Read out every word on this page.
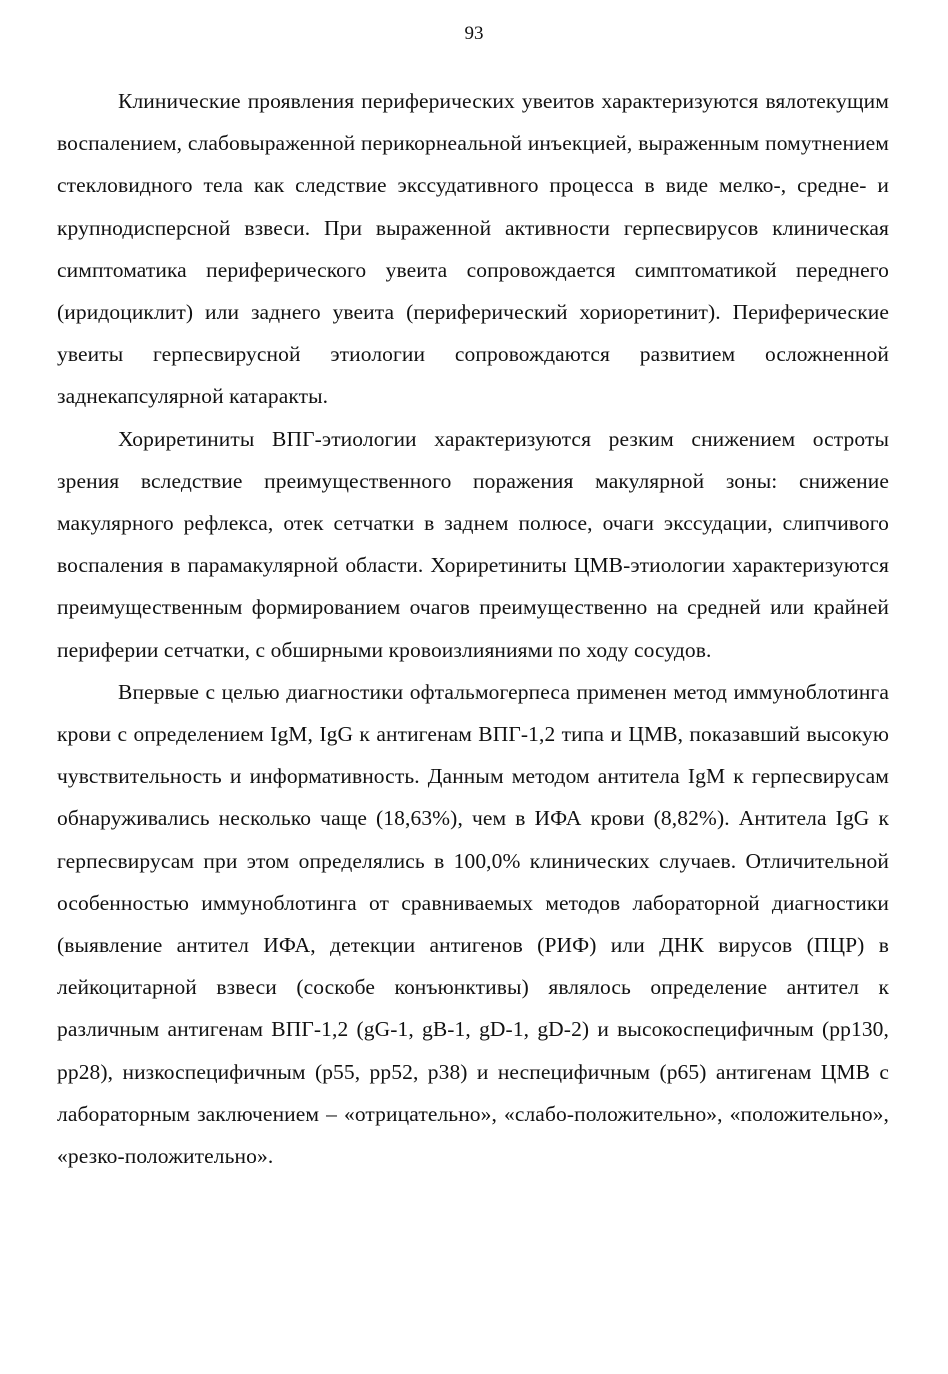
93

Клинические проявления периферических увеитов характеризуются вялотекущим воспалением, слабовыраженной перикорнеальной инъекцией, выраженным помутнением стекловидного тела как следствие экссудативного процесса в виде мелко-, средне- и крупнодисперсной взвеси. При выраженной активности герпесвирусов клиническая симптоматика периферического увеита сопровождается симптоматикой переднего (иридоциклит) или заднего увеита (периферический хориоретинит). Периферические увеиты герпесвирусной этиологии сопровождаются развитием осложненной заднекапсулярной катаракты.

Хориретиниты ВПГ-этиологии характеризуются резким снижением остроты зрения вследствие преимущественного поражения макулярной зоны: снижение макулярного рефлекса, отек сетчатки в заднем полюсе, очаги экссудации, слипчивого воспаления в парамакулярной области. Хориретиниты ЦМВ-этиологии характеризуются преимущественным формированием очагов преимущественно на средней или крайней периферии сетчатки, с обширными кровоизлияниями по ходу сосудов.

Впервые с целью диагностики офтальмогерпеса применен метод иммуноблотинга крови с определением IgM, IgG к антигенам ВПГ-1,2 типа и ЦМВ, показавший высокую чувствительность и информативность. Данным методом антитела IgM к герпесвирусам обнаруживались несколько чаще (18,63%), чем в ИФА крови (8,82%). Антитела IgG к герпесвирусам при этом определялись в 100,0% клинических случаев. Отличительной особенностью иммуноблотинга от сравниваемых методов лабораторной диагностики (выявление антител ИФА, детекции антигенов (РИФ) или ДНК вирусов (ПЦР) в лейкоцитарной взвеси (соскобе конъюнктивы) являлось определение антител к различным антигенам ВПГ-1,2 (gG-1, gB-1, gD-1, gD-2) и высокоспецифичным (pp130, pp28), низкоспецифичным (p55, pp52, p38) и неспецифичным (p65) антигенам ЦМВ с лабораторным заключением – «отрицательно», «слабо-положительно», «положительно», «резко-положительно».
